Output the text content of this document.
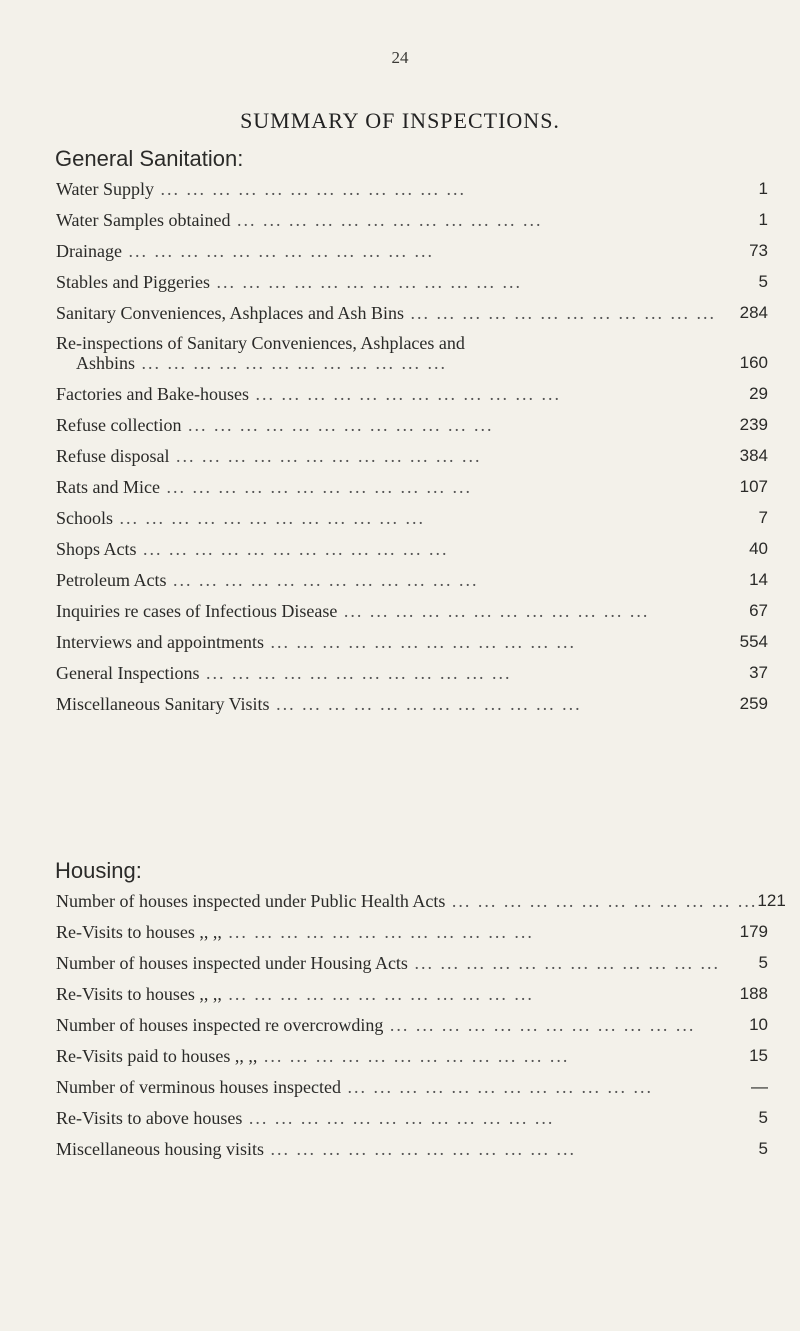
24
SUMMARY OF INSPECTIONS.
General Sanitation:
Water Supply ... ... ... ... ... ... ... ... ... ... ... ...	1
Water Samples obtained ... ... ... ... ... ... ... ... ... ... ... ...	1
Drainage ... ... ... ... ... ... ... ... ... ... ... ...	73
Stables and Piggeries ... ... ... ... ... ... ... ... ... ... ... ...	5
Sanitary Conveniences, Ashplaces and Ash Bins ... ... ... ... ... ... ... ... ... ... ... ...	284
Re-inspections of Sanitary Conveniences, Ashplaces and
Ashbins ... ... ... ... ... ... ... ... ... ... ... ...	160
Factories and Bake-houses ... ... ... ... ... ... ... ... ... ... ... ...	29
Refuse collection ... ... ... ... ... ... ... ... ... ... ... ...	239
Refuse disposal ... ... ... ... ... ... ... ... ... ... ... ...	384
Rats and Mice ... ... ... ... ... ... ... ... ... ... ... ...	107
Schools ... ... ... ... ... ... ... ... ... ... ... ...	7
Shops Acts ... ... ... ... ... ... ... ... ... ... ... ...	40
Petroleum Acts ... ... ... ... ... ... ... ... ... ... ... ...	14
Inquiries re cases of Infectious Disease ... ... ... ... ... ... ... ... ... ... ... ...	67
Interviews and appointments ... ... ... ... ... ... ... ... ... ... ... ...	554
General Inspections ... ... ... ... ... ... ... ... ... ... ... ...	37
Miscellaneous Sanitary Visits ... ... ... ... ... ... ... ... ... ... ... ...	259
Housing:
Number of houses inspected under Public Health Acts ... ... ... ... ... ... ... ... ... ... ... ... 121
Re-Visits to houses ,, ,, ... ... ... ... ... ... ... ... ... ... ... ...	179
Number of houses inspected under Housing Acts ... ... ... ... ... ... ... ... ... ... ... ...	5
Re-Visits to houses ,, ,, ... ... ... ... ... ... ... ... ... ... ... ...	188
Number of houses inspected re overcrowding ... ... ... ... ... ... ... ... ... ... ... ...	10
Re-Visits paid to houses ,, ,, ... ... ... ... ... ... ... ... ... ... ... ...	15
Number of verminous houses inspected ... ... ... ... ... ... ... ... ... ... ... ...	—
Re-Visits to above houses ... ... ... ... ... ... ... ... ... ... ... ...	5
Miscellaneous housing visits ... ... ... ... ... ... ... ... ... ... ... ...	5
